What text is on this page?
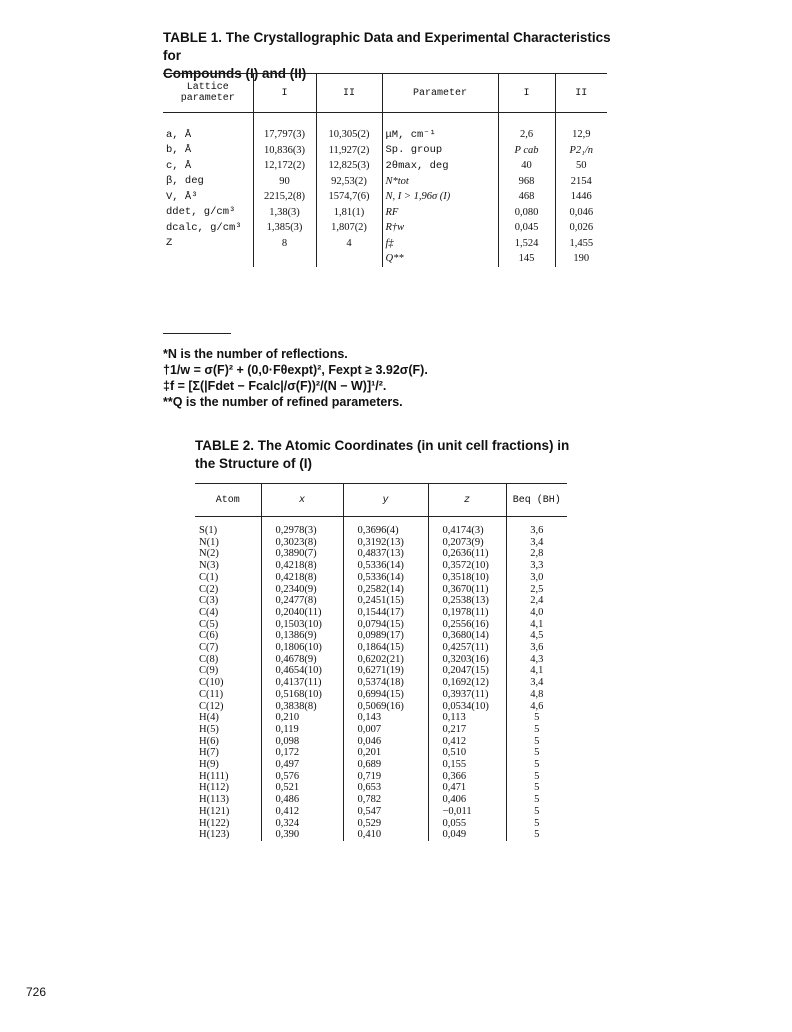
TABLE 1. The Crystallographic Data and Experimental Characteristics for
Compounds (I) and (II)
Lattice
parameter	I	II	Parameter	I	II

a, Å	17,797(3)	10,305(2)	μM, cm⁻¹	2,6	12,9
b, Å	10,836(3)	11,927(2)	Sp. group	P cab	P2₁/n
c, Å	12,172(2)	12,825(3)	2θmax, deg	40	50
β, deg	90	92,53(2)	N*tot	968	2154
V, Å³	2215,2(8)	1574,7(6)	N, I > 1,96σ (I)	468	1446
ddet, g/cm³	1,38(3)	1,81(1)	RF	0,080	0,046
dcalc, g/cm³	1,385(3)	1,807(2)	R†w	0,045	0,026
Z	8	4	f‡	1,524	1,455
			Q**	145	190
*N is the number of reflections.
†1/w = σ(F)² + (0,0·Fθexpt)², Fexpt ≥ 3.92σ(F).
‡f = [Σ(|Fdet − Fcalc|/σ(F))²/(N − W)]¹/².
**Q is the number of refined parameters.
TABLE 2. The Atomic Coordinates (in unit cell fractions) in
the Structure of (I)
Atom	x	y	z	Beq (BH)

S(1)	0,2978(3)	0,3696(4)	0,4174(3)	3,6
N(1)	0,3023(8)	0,3192(13)	0,2073(9)	3,4
N(2)	0,3890(7)	0,4837(13)	0,2636(11)	2,8
N(3)	0,4218(8)	0,5336(14)	0,3572(10)	3,3
C(1)	0,4218(8)	0,5336(14)	0,3518(10)	3,0
C(2)	0,2340(9)	0,2582(14)	0,3670(11)	2,5
C(3)	0,2477(8)	0,2451(15)	0,2538(13)	2,4
C(4)	0,2040(11)	0,1544(17)	0,1978(11)	4,0
C(5)	0,1503(10)	0,0794(15)	0,2556(16)	4,1
C(6)	0,1386(9)	0,0989(17)	0,3680(14)	4,5
C(7)	0,1806(10)	0,1864(15)	0,4257(11)	3,6
C(8)	0,4678(9)	0,6202(21)	0,3203(16)	4,3
C(9)	0,4654(10)	0,6271(19)	0,2047(15)	4,1
C(10)	0,4137(11)	0,5374(18)	0,1692(12)	3,4
C(11)	0,5168(10)	0,6994(15)	0,3937(11)	4,8
C(12)	0,3838(8)	0,5069(16)	0,0534(10)	4,6
H(4)	0,210	0,143	0,113	5
H(5)	0,119	0,007	0,217	5
H(6)	0,098	0,046	0,412	5
H(7)	0,172	0,201	0,510	5
H(9)	0,497	0,689	0,155	5
H(111)	0,576	0,719	0,366	5
H(112)	0,521	0,653	0,471	5
H(113)	0,486	0,782	0,406	5
H(121)	0,412	0,547	−0,011	5
H(122)	0,324	0,529	0,055	5
H(123)	0,390	0,410	0,049	5
726
